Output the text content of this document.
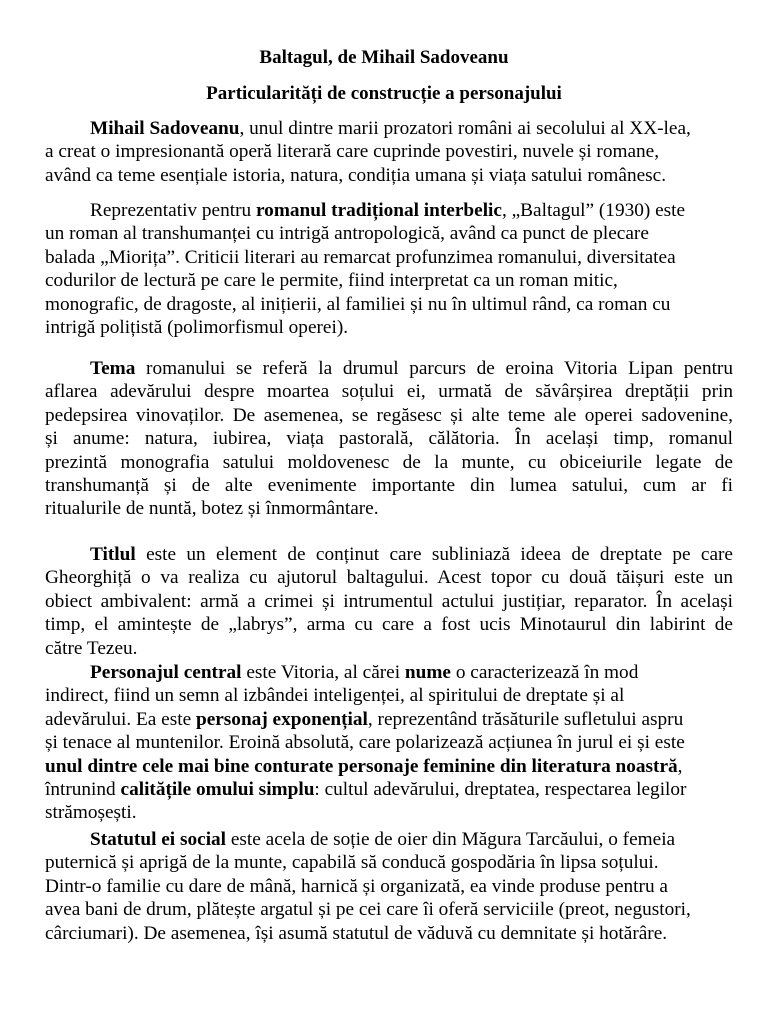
Baltagul, de Mihail Sadoveanu
Particularități de construcție a personajului
Mihail Sadoveanu, unul dintre marii prozatori români ai secolului al XX-lea,
a creat o impresionantă operă literară care cuprinde povestiri, nuvele și romane,
având ca teme esențiale istoria, natura, condiția umana și viața satului românesc.
Reprezentativ pentru romanul tradițional interbelic, „Baltagul” (1930) este
un roman al transhumanței cu intrigă antropologică, având ca punct de plecare
balada „Miorița”. Criticii literari au remarcat profunzimea romanului, diversitatea
codurilor de lectură pe care le permite, fiind interpretat ca un roman mitic,
monografic, de dragoste, al inițierii, al familiei și nu în ultimul rând, ca roman cu
intrigă polițistă (polimorfismul operei).
Tema romanului se referă la drumul parcurs de eroina Vitoria Lipan pentru
aflarea adevărului despre moartea soțului ei, urmată de săvârșirea dreptății prin
pedepsirea vinovaților. De asemenea, se regăsesc și alte teme ale operei sadovenine,
și anume: natura, iubirea, viața pastorală, călătoria. În același timp, romanul
prezintă monografia satului moldovenesc de la munte, cu obiceiurile legate de
transhumanță și de alte evenimente importante din lumea satului, cum ar fi
ritualurile de nuntă, botez și înmormântare.
Titlul este un element de conținut care subliniază ideea de dreptate pe care
Gheorghiță o va realiza cu ajutorul baltagului. Acest topor cu două tăișuri este un
obiect ambivalent: armă a crimei și intrumentul actului justițiar, reparator. În același
timp, el amintește de „labrys”, arma cu care a fost ucis Minotaurul din labirint de
către Tezeu.
Personajul central este Vitoria, al cărei nume o caracterizează în mod
indirect, fiind un semn al izbândei inteligenței, al spiritului de dreptate și al
adevărului. Ea este personaj exponențial, reprezentând trăsăturile sufletului aspru
și tenace al muntenilor. Eroină absolută, care polarizează acțiunea în jurul ei și este
unul dintre cele mai bine conturate personaje feminine din literatura noastră,
întrunind calitățile omului simplu: cultul adevărului, dreptatea, respectarea legilor
strămoșești.
Statutul ei social este acela de soție de oier din Măgura Tarcăului, o femeia
puternică și aprigă de la munte, capabilă să conducă gospodăria în lipsa soțului.
Dintr-o familie cu dare de mână, harnică și organizată, ea vinde produse pentru a
avea bani de drum, plătește argatul și pe cei care îi oferă serviciile (preot, negustori,
cârciumari). De asemenea, își asumă statutul de văduvă cu demnitate și hotărâre.
